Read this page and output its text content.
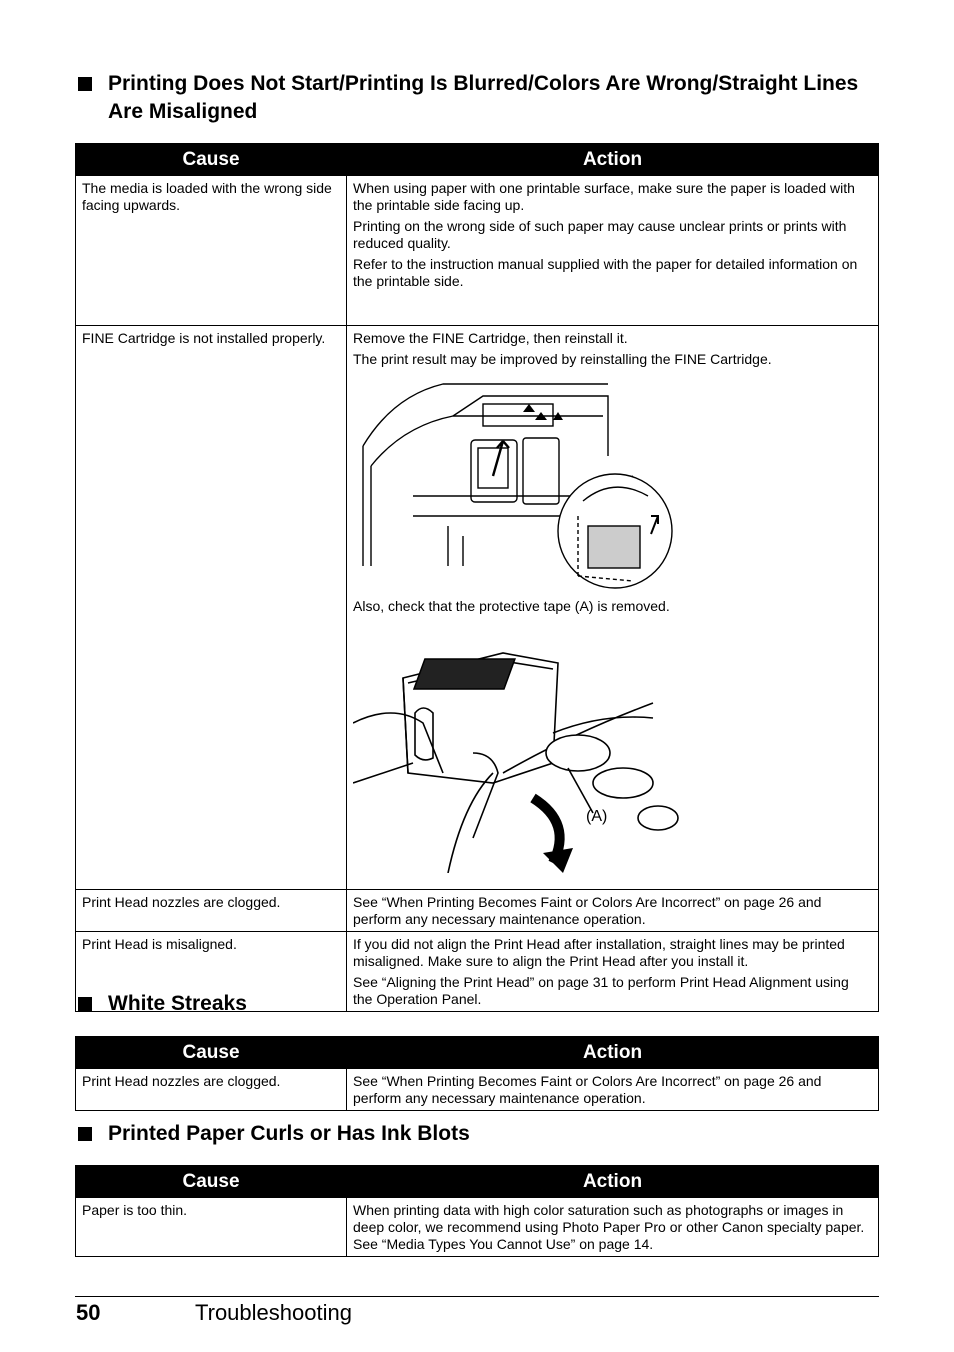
Printing Does Not Start/Printing Is Blurred/Colors Are Wrong/Straight Lines Are Misaligned
Cause	Action
The media is loaded with the wrong side facing upwards.	When using paper with one printable surface, make sure the paper is loaded with the printable side facing up.

Printing on the wrong side of such paper may cause unclear prints or prints with reduced quality.

Refer to the instruction manual supplied with the paper for detailed information on the printable side.

FINE Cartridge is not installed properly.	Remove the FINE Cartridge, then reinstall it.

The print result may be improved by reinstalling the FINE Cartridge.

Also, check that the protective tape (A) is removed.

(A)

Print Head nozzles are clogged.	See “When Printing Becomes Faint or Colors Are Incorrect” on page 26 and perform any necessary maintenance operation.

Print Head is misaligned.	If you did not align the Print Head after installation, straight lines may be printed misaligned. Make sure to align the Print Head after you install it.

See “Aligning the Print Head” on page 31 to perform Print Head Alignment using the Operation Panel.

White Streaks
Cause	Action
Print Head nozzles are clogged.	See “When Printing Becomes Faint or Colors Are Incorrect” on page 26 and perform any necessary maintenance operation.

Printed Paper Curls or Has Ink Blots
Cause	Action
Paper is too thin.	When printing data with high color saturation such as photographs or images in deep color, we recommend using Photo Paper Pro or other Canon specialty paper. See “Media Types You Cannot Use” on page 14.

50	Troubleshooting
